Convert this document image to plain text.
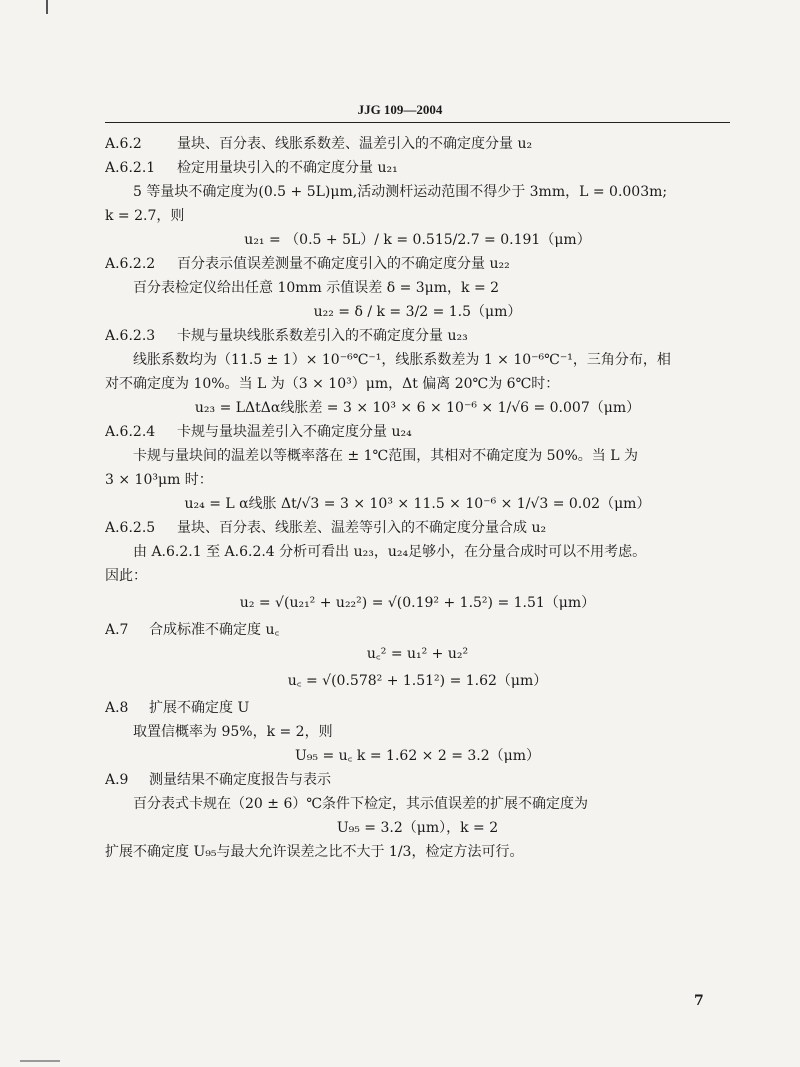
JJG 109—2004
A.6.2	量块、百分表、线胀系数差、温差引入的不确定度分量 u₂
A.6.2.1 检定用量块引入的不确定度分量 u₂₁
5 等量块不确定度为(0.5 + 5L)μm,活动测杆运动范围不得少于 3mm，L = 0.003m;
k = 2.7，则
u₂₁ = （0.5 + 5L）/ k = 0.515/2.7 = 0.191（μm）
A.6.2.2 百分表示值误差测量不确定度引入的不确定度分量 u₂₂
百分表检定仪给出任意 10mm 示值误差 δ = 3μm，k = 2
u₂₂ = δ / k = 3/2 = 1.5（μm）
A.6.2.3 卡规与量块线胀系数差引入的不确定度分量 u₂₃
线胀系数均为（11.5 ± 1）× 10⁻⁶℃⁻¹，线胀系数差为 1 × 10⁻⁶℃⁻¹，三角分布，相
对不确定度为 10%。当 L 为（3 × 10³）μm，Δt 偏离 20℃为 6℃时：
u₂₃ = LΔtΔα线胀差 = 3 × 10³ × 6 × 10⁻⁶ × 1/√6 = 0.007（μm）
A.6.2.4 卡规与量块温差引入不确定度分量 u₂₄
卡规与量块间的温差以等概率落在 ± 1℃范围，其相对不确定度为 50%。当 L 为
3 × 10³μm 时：
u₂₄ = L α线胀 Δt/√3 = 3 × 10³ × 11.5 × 10⁻⁶ × 1/√3 = 0.02（μm）
A.6.2.5 量块、百分表、线胀差、温差等引入的不确定度分量合成 u₂
由 A.6.2.1 至 A.6.2.4 分析可看出 u₂₃，u₂₄足够小，在分量合成时可以不用考虑。
因此：
u₂ = √(u₂₁² + u₂₂²) = √(0.19² + 1.5²) = 1.51（μm）
A.7 合成标准不确定度 u꜀
u꜀² = u₁² + u₂²
u꜀ = √(0.578² + 1.51²) = 1.62（μm）
A.8 扩展不确定度 U
取置信概率为 95%，k = 2，则
U₉₅ = u꜀ k = 1.62 × 2 = 3.2（μm）
A.9 测量结果不确定度报告与表示
百分表式卡规在（20 ± 6）℃条件下检定，其示值误差的扩展不确定度为
U₉₅ = 3.2（μm），k = 2
扩展不确定度 U₉₅与最大允许误差之比不大于 1/3，检定方法可行。
7
